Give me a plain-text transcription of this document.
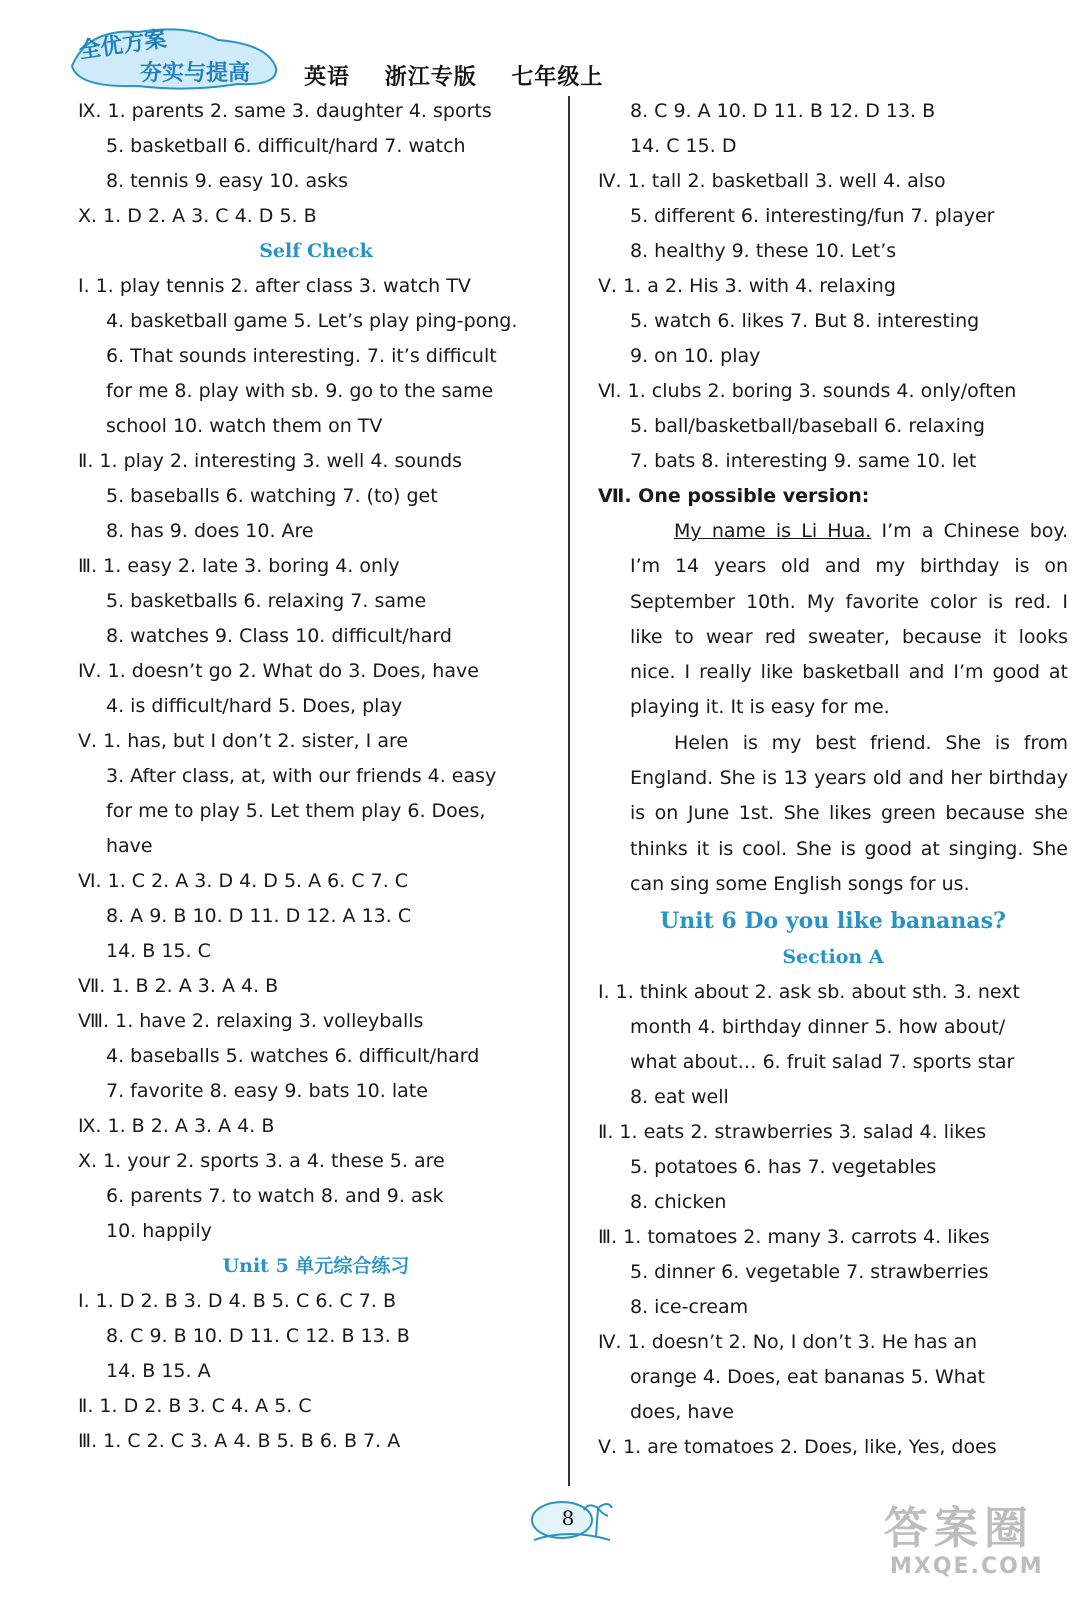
全优方案
夯实与提高 英语 浙江专版 七年级上
Ⅸ. 1. parents 2. same 3. daughter 4. sports
5. basketball 6. difficult/hard 7. watch
8. tennis 9. easy 10. asks
Ⅹ. 1. D 2. A 3. C 4. D 5. B
Self Check
Ⅰ. 1. play tennis 2. after class 3. watch TV
4. basketball game 5. Let’s play ping-pong.
6. That sounds interesting. 7. it’s difficult
for me 8. play with sb. 9. go to the same
school 10. watch them on TV
Ⅱ. 1. play 2. interesting 3. well 4. sounds
5. baseballs 6. watching 7. (to) get
8. has 9. does 10. Are
Ⅲ. 1. easy 2. late 3. boring 4. only
5. basketballs 6. relaxing 7. same
8. watches 9. Class 10. difficult/hard
Ⅳ. 1. doesn’t go 2. What do 3. Does, have
4. is difficult/hard 5. Does, play
Ⅴ. 1. has, but I don’t 2. sister, I are
3. After class, at, with our friends 4. easy
for me to play 5. Let them play 6. Does,
have
Ⅵ. 1. C 2. A 3. D 4. D 5. A 6. C 7. C
8. A 9. B 10. D 11. D 12. A 13. C
14. B 15. C
Ⅶ. 1. B 2. A 3. A 4. B
Ⅷ. 1. have 2. relaxing 3. volleyballs
4. baseballs 5. watches 6. difficult/hard
7. favorite 8. easy 9. bats 10. late
Ⅸ. 1. B 2. A 3. A 4. B
Ⅹ. 1. your 2. sports 3. a 4. these 5. are
6. parents 7. to watch 8. and 9. ask
10. happily
Unit 5 单元综合练习
Ⅰ. 1. D 2. B 3. D 4. B 5. C 6. C 7. B
8. C 9. B 10. D 11. C 12. B 13. B
14. B 15. A
Ⅱ. 1. D 2. B 3. C 4. A 5. C
Ⅲ. 1. C 2. C 3. A 4. B 5. B 6. B 7. A
8. C 9. A 10. D 11. B 12. D 13. B
14. C 15. D
Ⅳ. 1. tall 2. basketball 3. well 4. also
5. different 6. interesting/fun 7. player
8. healthy 9. these 10. Let’s
Ⅴ. 1. a 2. His 3. with 4. relaxing
5. watch 6. likes 7. But 8. interesting
9. on 10. play
Ⅵ. 1. clubs 2. boring 3. sounds 4. only/often
5. ball/basketball/baseball 6. relaxing
7. bats 8. interesting 9. same 10. let
Ⅶ. One possible version:

My name is Li Hua. I’m a Chinese boy. I’m 14 years old and my birthday is on September 10th. My favorite color is red. I like to wear red sweater, because it looks nice. I really like basketball and I’m good at playing it. It is easy for me.

Helen is my best friend. She is from England. She is 13 years old and her birthday is on June 1st. She likes green because she thinks it is cool. She is good at singing. She can sing some English songs for us.

Unit 6 Do you like bananas?
Section A
Ⅰ. 1. think about 2. ask sb. about sth. 3. next
month 4. birthday dinner 5. how about/
what about… 6. fruit salad 7. sports star
8. eat well
Ⅱ. 1. eats 2. strawberries 3. salad 4. likes
5. potatoes 6. has 7. vegetables
8. chicken
Ⅲ. 1. tomatoes 2. many 3. carrots 4. likes
5. dinner 6. vegetable 7. strawberries
8. ice-cream
Ⅳ. 1. doesn’t 2. No, I don’t 3. He has an
orange 4. Does, eat bananas 5. What
does, have
Ⅴ. 1. are tomatoes 2. Does, like, Yes, does
8	答案圈
MXQE.COM
